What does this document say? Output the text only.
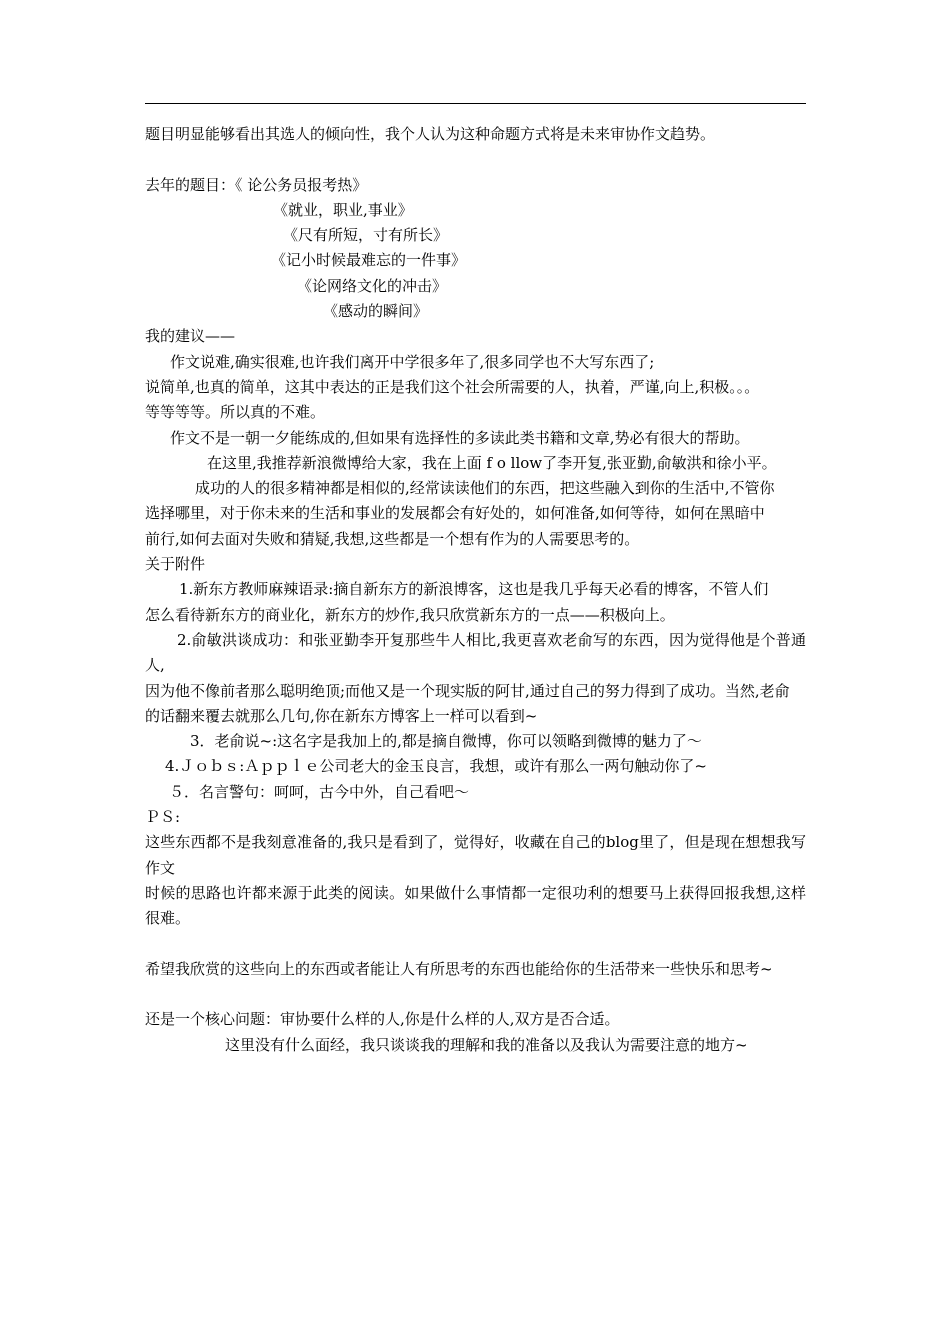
题目明显能够看出其选人的倾向性，我个人认为这种命题方式将是未来审协作文趋势。

去年的题目：《 论公务员报考热》

《就业，职业,事业》

《尺有所短，寸有所长》

《记小时候最难忘的一件事》

《论网络文化的冲击》

《感动的瞬间》

我的建议——

作文说难,确实很难,也许我们离开中学很多年了,很多同学也不大写东西了;

说简单,也真的简单，这其中表达的正是我们这个社会所需要的人，执着，严谨,向上,积极。。。

等等等等。所以真的不难。

作文不是一朝一夕能练成的,但如果有选择性的多读此类书籍和文章,势必有很大的帮助。

在这里,我推荐新浪微博给大家，我在上面 f o llow了李开复,张亚勤,俞敏洪和徐小平。

成功的人的很多精神都是相似的,经常读读他们的东西，把这些融入到你的生活中,不管你

选择哪里，对于你未来的生活和事业的发展都会有好处的，如何准备,如何等待，如何在黑暗中

前行,如何去面对失败和猜疑,我想,这些都是一个想有作为的人需要思考的。

关于附件

1.新东方教师麻辣语录:摘自新东方的新浪博客，这也是我几乎每天必看的博客，不管人们

怎么看待新东方的商业化，新东方的炒作,我只欣赏新东方的一点——积极向上。

2.俞敏洪谈成功：和张亚勤李开复那些牛人相比,我更喜欢老俞写的东西，因为觉得他是个普通人,

因为他不像前者那么聪明绝顶;而他又是一个现实版的阿甘,通过自己的努力得到了成功。当然,老俞

的话翻来覆去就那么几句,你在新东方博客上一样可以看到~

3．老俞说~:这名字是我加上的,都是摘自微博，你可以领略到微博的魅力了～

4.Ｊｏｂｓ:Ａｐｐｌｅ公司老大的金玉良言，我想，或许有那么一两句触动你了~

５．名言警句：呵呵，古今中外，自己看吧～

ＰＳ:

这些东西都不是我刻意准备的,我只是看到了，觉得好，收藏在自己的blog里了，但是现在想想我写作文

时候的思路也许都来源于此类的阅读。如果做什么事情都一定很功利的想要马上获得回报我想,这样很难。

希望我欣赏的这些向上的东西或者能让人有所思考的东西也能给你的生活带来一些快乐和思考~

还是一个核心问题：审协要什么样的人,你是什么样的人,双方是否合适。

这里没有什么面经，我只谈谈我的理解和我的准备以及我认为需要注意的地方~
